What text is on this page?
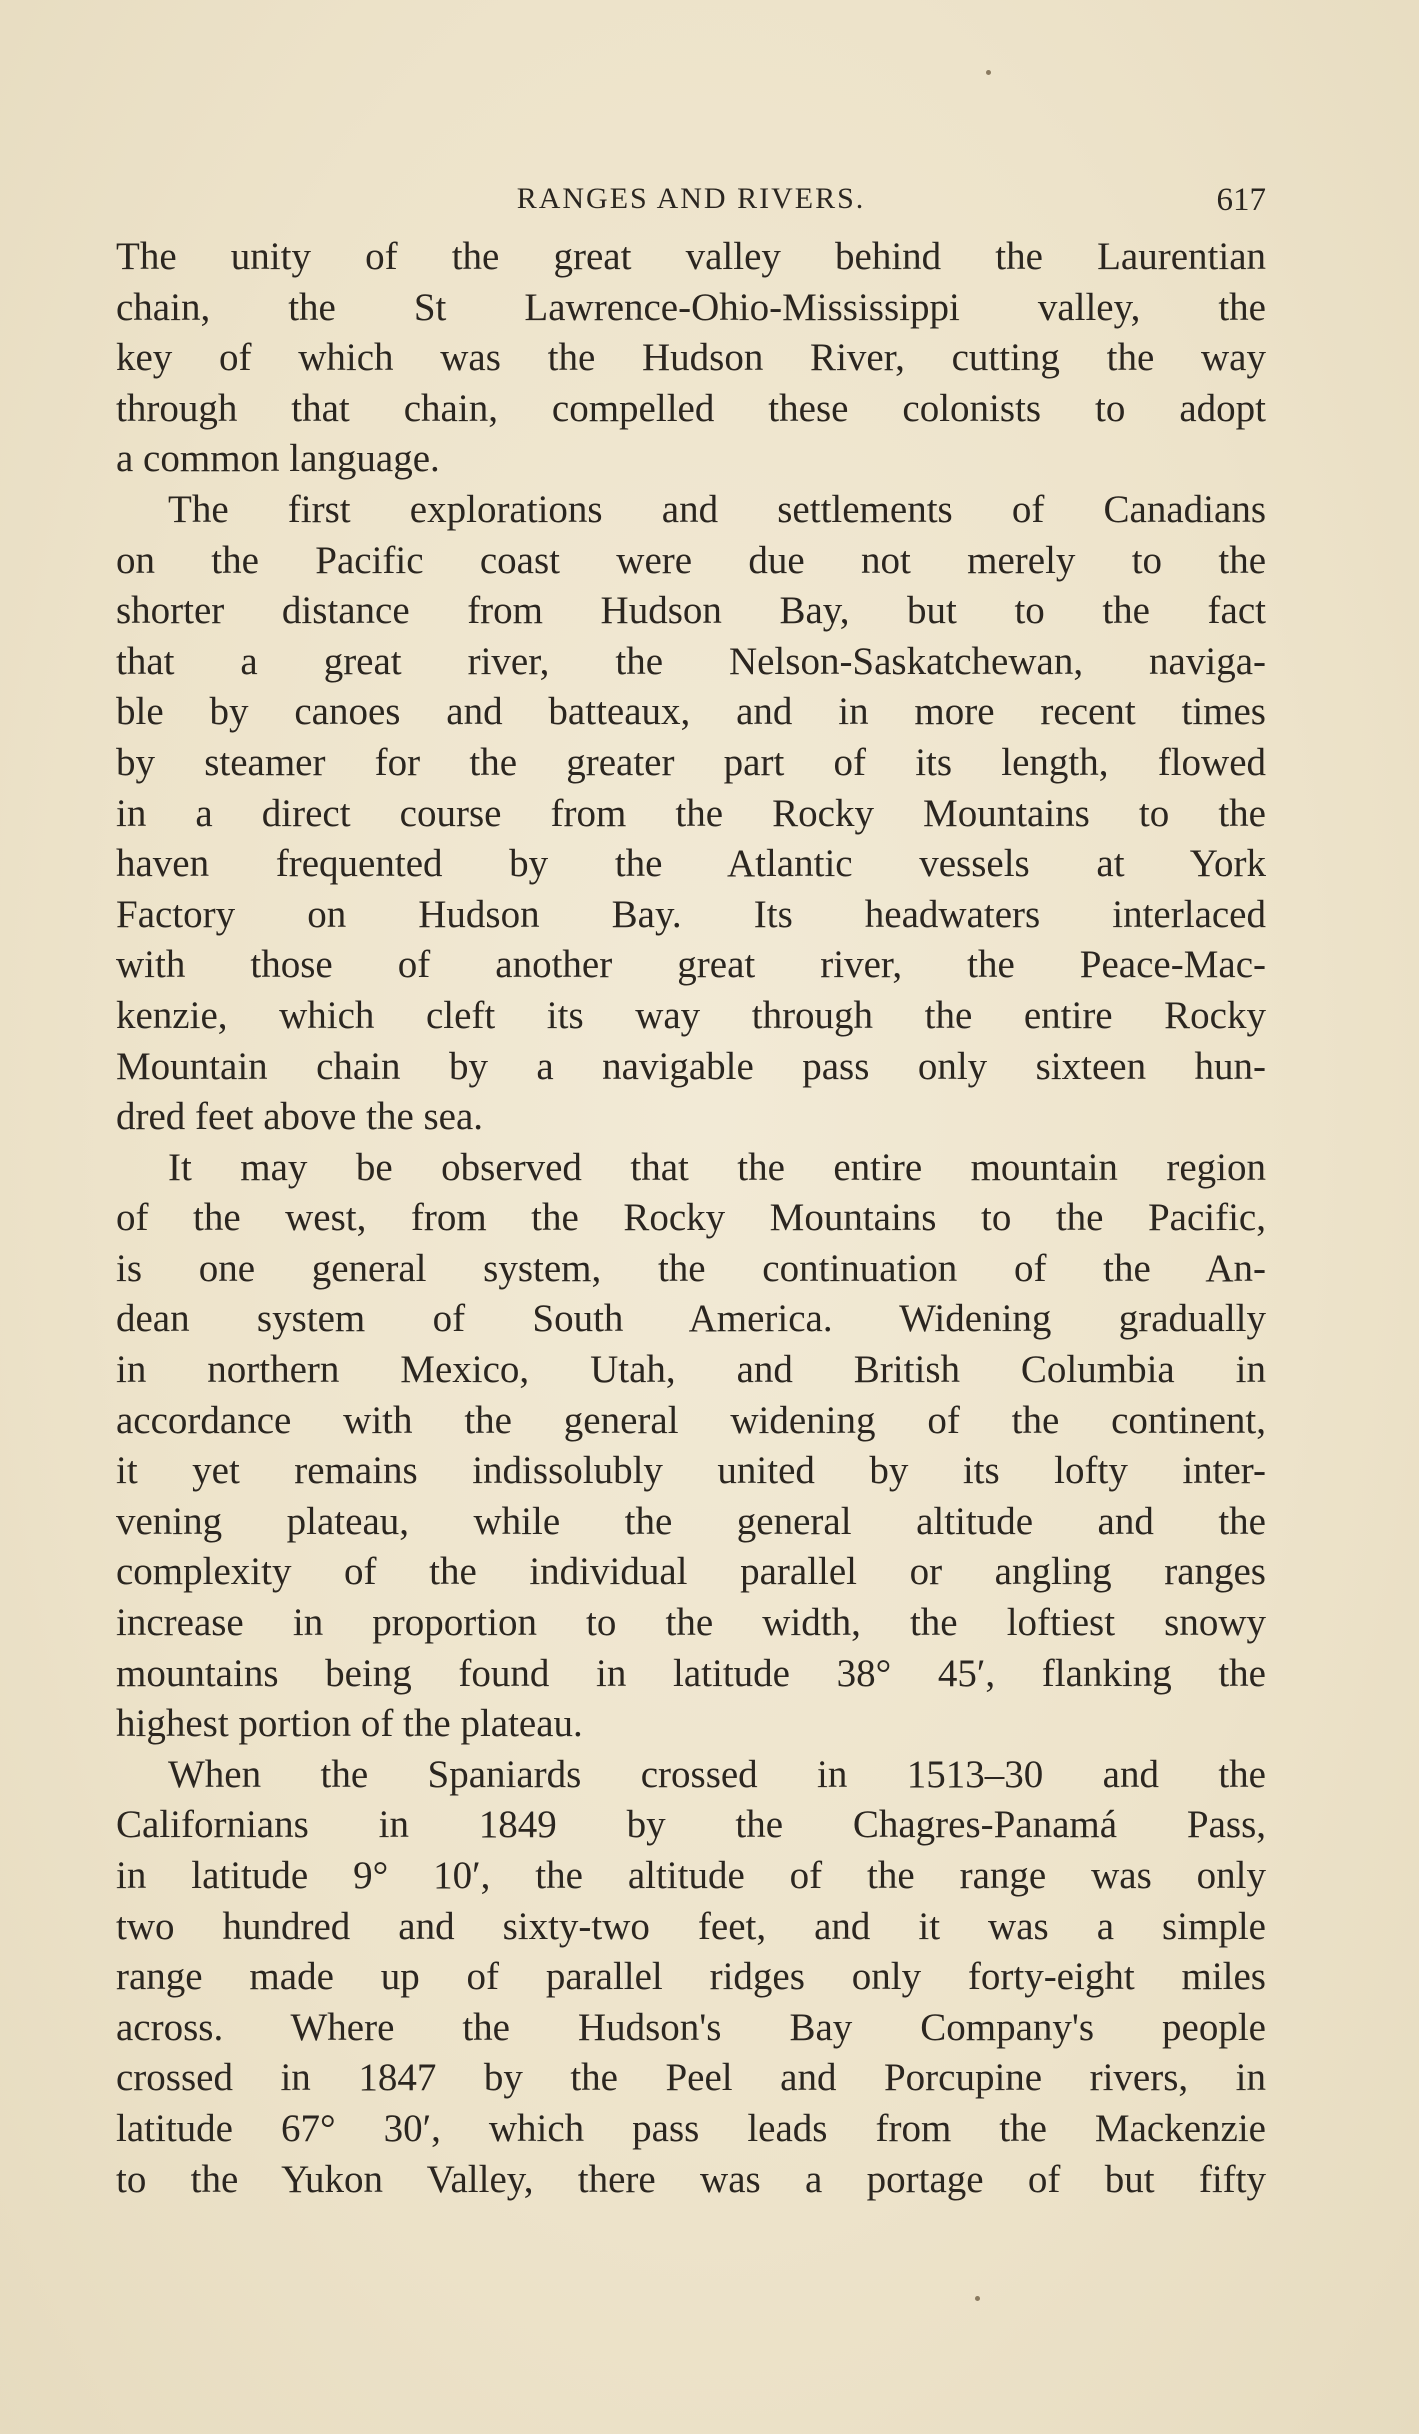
RANGES AND RIVERS.	617
The unity of the great valley behind the Laurentian
chain, the St Lawrence-Ohio-Mississippi valley, the
key of which was the Hudson River, cutting the way
through that chain, compelled these colonists to adopt
a common language.
The first explorations and settlements of Canadians
on the Pacific coast were due not merely to the
shorter distance from Hudson Bay, but to the fact
that a great river, the Nelson-Saskatchewan, naviga-
ble by canoes and batteaux, and in more recent times
by steamer for the greater part of its length, flowed
in a direct course from the Rocky Mountains to the
haven frequented by the Atlantic vessels at York
Factory on Hudson Bay. Its headwaters interlaced
with those of another great river, the Peace-Mac-
kenzie, which cleft its way through the entire Rocky
Mountain chain by a navigable pass only sixteen hun-
dred feet above the sea.
It may be observed that the entire mountain region
of the west, from the Rocky Mountains to the Pacific,
is one general system, the continuation of the An-
dean system of South America. Widening gradually
in northern Mexico, Utah, and British Columbia in
accordance with the general widening of the continent,
it yet remains indissolubly united by its lofty inter-
vening plateau, while the general altitude and the
complexity of the individual parallel or angling ranges
increase in proportion to the width, the loftiest snowy
mountains being found in latitude 38° 45′, flanking the
highest portion of the plateau.
When the Spaniards crossed in 1513–30 and the
Californians in 1849 by the Chagres-Panamá Pass,
in latitude 9° 10′, the altitude of the range was only
two hundred and sixty-two feet, and it was a simple
range made up of parallel ridges only forty-eight miles
across. Where the Hudson's Bay Company's people
crossed in 1847 by the Peel and Porcupine rivers, in
latitude 67° 30′, which pass leads from the Mackenzie
to the Yukon Valley, there was a portage of but fifty
